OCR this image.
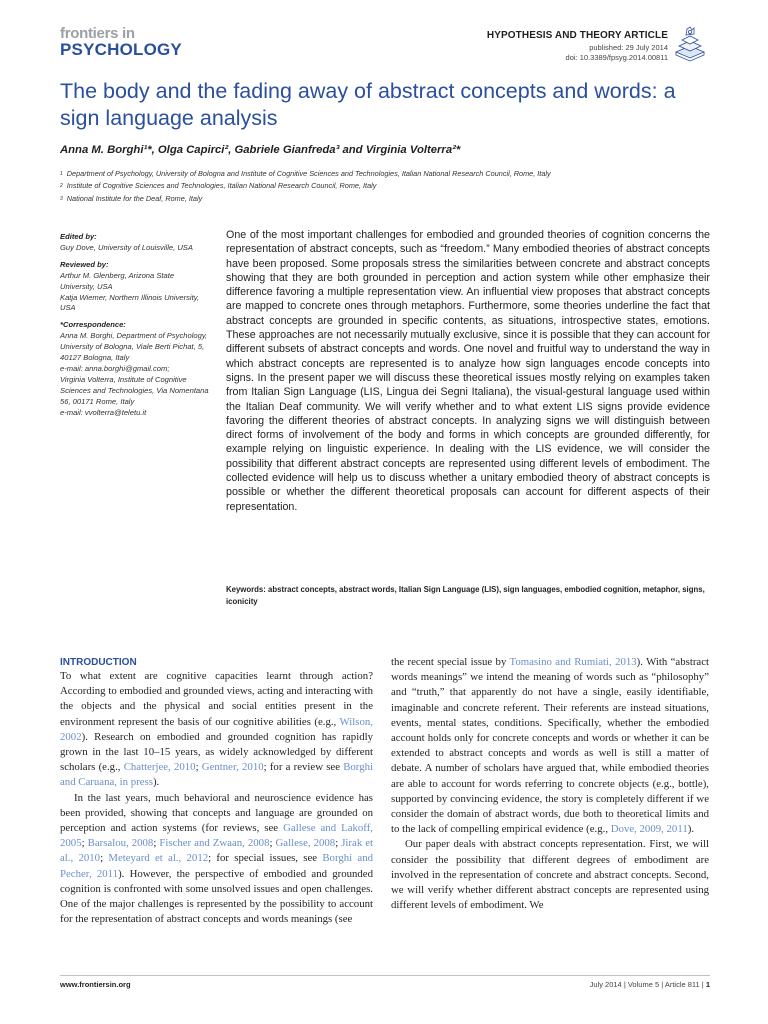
frontiers in
PSYCHOLOGY
HYPOTHESIS AND THEORY ARTICLE
published: 29 July 2014
doi: 10.3389/fpsyg.2014.00811
The body and the fading away of abstract concepts and words: a sign language analysis
Anna M. Borghi¹*, Olga Capirci², Gabriele Gianfreda³ and Virginia Volterra²*
$^1$ Department of Psychology, University of Bologna and Institute of Cognitive Sciences and Technologies, Italian National Research Council, Rome, Italy
$^2$ Institute of Cognitive Sciences and Technologies, Italian National Research Council, Rome, Italy
$^3$ National Institute for the Deaf, Rome, Italy
Edited by:
Guy Dove, University of Louisville, USA
Reviewed by:
Arthur M. Glenberg, Arizona State University, USA
Katja Wiemer, Northern Illinois University, USA
*Correspondence:
Anna M. Borghi, Department of Psychology, University of Bologna, Viale Berti Pichat, 5, 40127 Bologna, Italy
e-mail: anna.borghi@gmail.com;
Virginia Volterra, Institute of Cognitive Sciences and Technologies, Via Nomentana 56, 00171 Rome, Italy
e-mail: vvolterra@teletu.it
One of the most important challenges for embodied and grounded theories of cognition concerns the representation of abstract concepts, such as “freedom.” Many embodied theories of abstract concepts have been proposed. Some proposals stress the similarities between concrete and abstract concepts showing that they are both grounded in perception and action system while other emphasize their difference favoring a multiple representation view. An influential view proposes that abstract concepts are mapped to concrete ones through metaphors. Furthermore, some theories underline the fact that abstract concepts are grounded in specific contents, as situations, introspective states, emotions. These approaches are not necessarily mutually exclusive, since it is possible that they can account for different subsets of abstract concepts and words. One novel and fruitful way to understand the way in which abstract concepts are represented is to analyze how sign languages encode concepts into signs. In the present paper we will discuss these theoretical issues mostly relying on examples taken from Italian Sign Language (LIS, Lingua dei Segni Italiana), the visual-gestural language used within the Italian Deaf community. We will verify whether and to what extent LIS signs provide evidence favoring the different theories of abstract concepts. In analyzing signs we will distinguish between direct forms of involvement of the body and forms in which concepts are grounded differently, for example relying on linguistic experience. In dealing with the LIS evidence, we will consider the possibility that different abstract concepts are represented using different levels of embodiment. The collected evidence will help us to discuss whether a unitary embodied theory of abstract concepts is possible or whether the different theoretical proposals can account for different aspects of their representation.
Keywords: abstract concepts, abstract words, Italian Sign Language (LIS), sign languages, embodied cognition, metaphor, signs, iconicity
INTRODUCTION

To what extent are cognitive capacities learnt through action? According to embodied and grounded views, acting and interacting with the objects and the physical and social entities present in the environment represent the basis of our cognitive abilities (e.g., Wilson, 2002). Research on embodied and grounded cognition has rapidly grown in the last 10–15 years, as widely acknowledged by different scholars (e.g., Chatterjee, 2010; Gentner, 2010; for a review see Borghi and Caruana, in press).

In the last years, much behavioral and neuroscience evidence has been provided, showing that concepts and language are grounded on perception and action systems (for reviews, see Gallese and Lakoff, 2005; Barsalou, 2008; Fischer and Zwaan, 2008; Gallese, 2008; Jirak et al., 2010; Meteyard et al., 2012; for special issues, see Borghi and Pecher, 2011). However, the perspective of embodied and grounded cognition is confronted with some unsolved issues and open challenges. One of the major challenges is represented by the possibility to account for the representation of abstract concepts and words meanings (see

the recent special issue by Tomasino and Rumiati, 2013). With “abstract words meanings” we intend the meaning of words such as “philosophy” and “truth,” that apparently do not have a single, easily identifiable, imaginable and concrete referent. Their referents are instead situations, events, mental states, conditions. Specifically, whether the embodied account holds only for concrete concepts and words or whether it can be extended to abstract concepts and words as well is still a matter of debate. A number of scholars have argued that, while embodied theories are able to account for words referring to concrete objects (e.g., bottle), supported by convincing evidence, the story is completely different if we consider the domain of abstract words, due both to theoretical limits and to the lack of compelling empirical evidence (e.g., Dove, 2009, 2011).

Our paper deals with abstract concepts representation. First, we will consider the possibility that different degrees of embodiment are involved in the representation of concrete and abstract concepts. Second, we will verify whether different abstract concepts are represented using different levels of embodiment. We

www.frontiersin.org	July 2014 | Volume 5 | Article 811 | 1
